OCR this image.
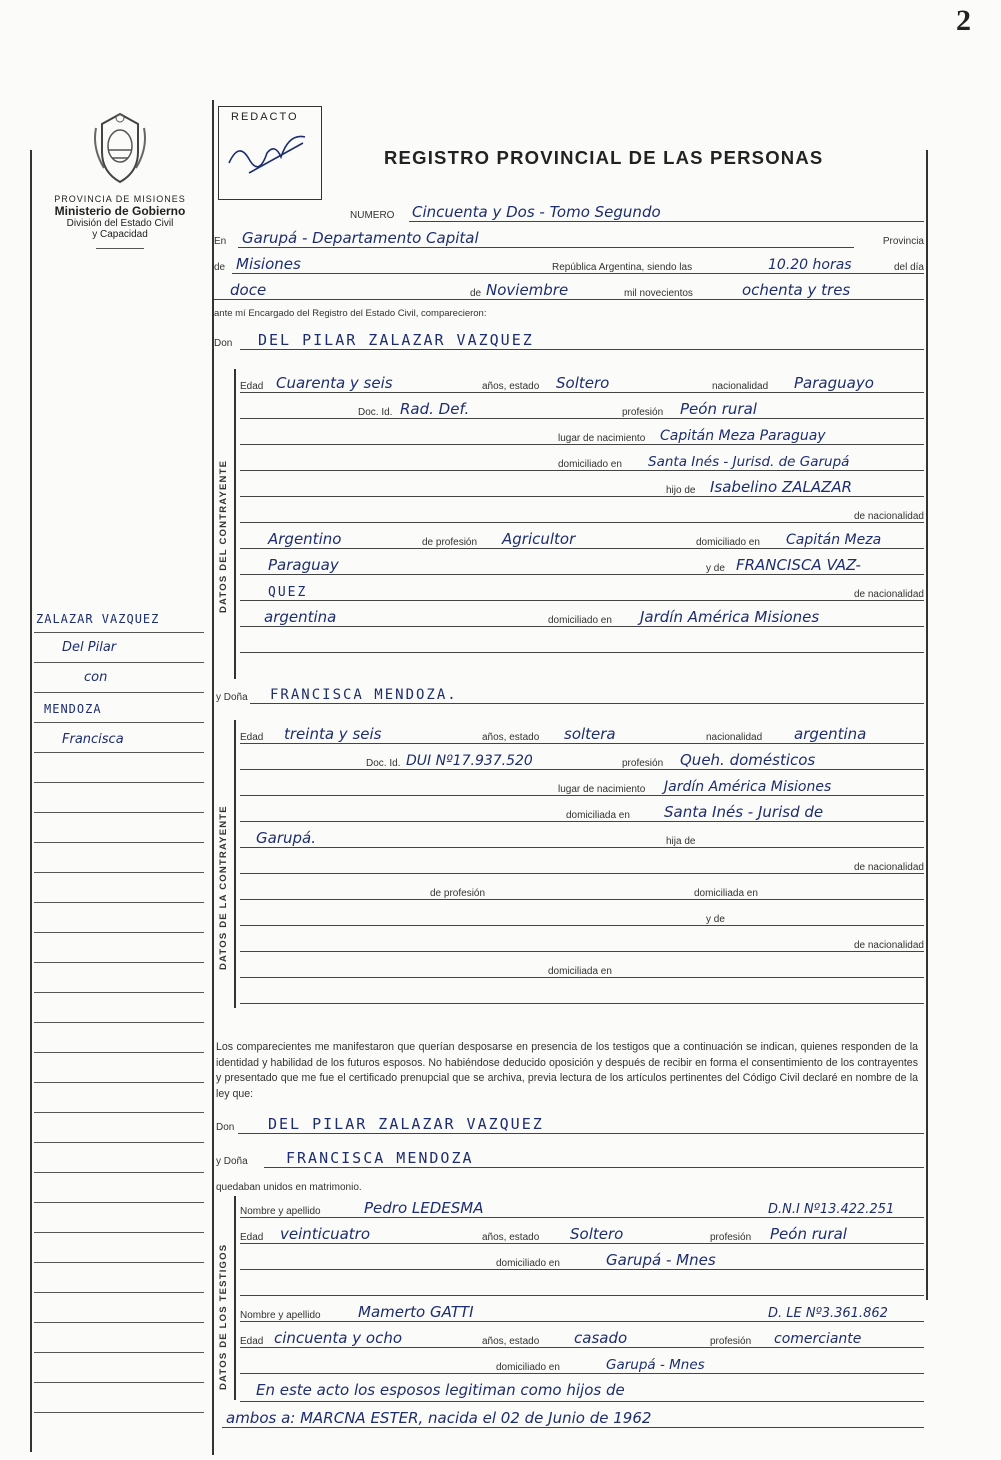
2
PROVINCIA DE MISIONES
Ministerio de Gobierno
División del Estado Civil
y Capacidad
REDACTO
REGISTRO PROVINCIAL DE LAS PERSONAS
NUMERO Cincuenta y Dos - Tomo Segundo
En Garupá - Departamento Capital	Provincia
de Misiones	República Argentina, siendo las	10.20 horas	del día
doce	de Noviembre	mil novecientos	ochenta y tres
ante mí Encargado del Registro del Estado Civil, comparecieron:
Don DEL PILAR ZALAZAR VAZQUEZ
DATOS DEL CONTRAYENTE
Edad Cuarenta y seis	años, estado Soltero	nacionalidad Paraguayo
Doc. Id. Rad. Def.	profesión Peón rural
lugar de nacimiento Capitán Meza Paraguay
domiciliado en Santa Inés - Jurisd. de Garupá
hijo de Isabelino ZALAZAR
de nacionalidad
Argentino	de profesión Agricultor	domiciliado en Capitán Meza
Paraguay	y de FRANCISCA VAZ-
QUEZ	de nacionalidad
argentina	domiciliado en Jardín América Misiones
y Doña FRANCISCA MENDOZA.
DATOS DE LA CONTRAYENTE
Edad treinta y seis	años, estado soltera	nacionalidad argentina
Doc. Id. DUI Nº17.937.520	profesión Queh. domésticos
lugar de nacimiento Jardín América Misiones
domiciliada en Santa Inés - Jurisd de
Garupá.	hija de
de nacionalidad
de profesión	domiciliada en
y de
de nacionalidad
domiciliada en
Los comparecientes me manifestaron que querían desposarse en presencia de los testigos que a continuación se indican, quienes responden de la identidad y habilidad de los futuros esposos. No habiéndose deducido oposición y después de recibir en forma el consentimiento de los contrayentes y presentado que me fue el certificado prenupcial que se archiva, previa lectura de los artículos pertinentes del Código Civil declaré en nombre de la ley que:
Don DEL PILAR ZALAZAR VAZQUEZ
y Doña	FRANCISCA MENDOZA
quedaban unidos en matrimonio.
DATOS DE LOS TESTIGOS
Nombre y apellido	Pedro LEDESMA	D.N.I Nº13.422.251
Edad veinticuatro	años, estado Soltero	profesión Peón rural
domiciliado en	Garupá - Mnes
Nombre y apellido Mamerto GATTI	D. LE Nº3.361.862
Edad cincuenta y ocho	años, estado casado	profesión comerciante
domiciliado en	Garupá - Mnes
En este acto los esposos legitiman como hijos de
ambos a: MARCNA ESTER, nacida el 02 de Junio de 1962
ZALAZAR VAZQUEZ
Del Pilar
con
MENDOZA
Francisca
